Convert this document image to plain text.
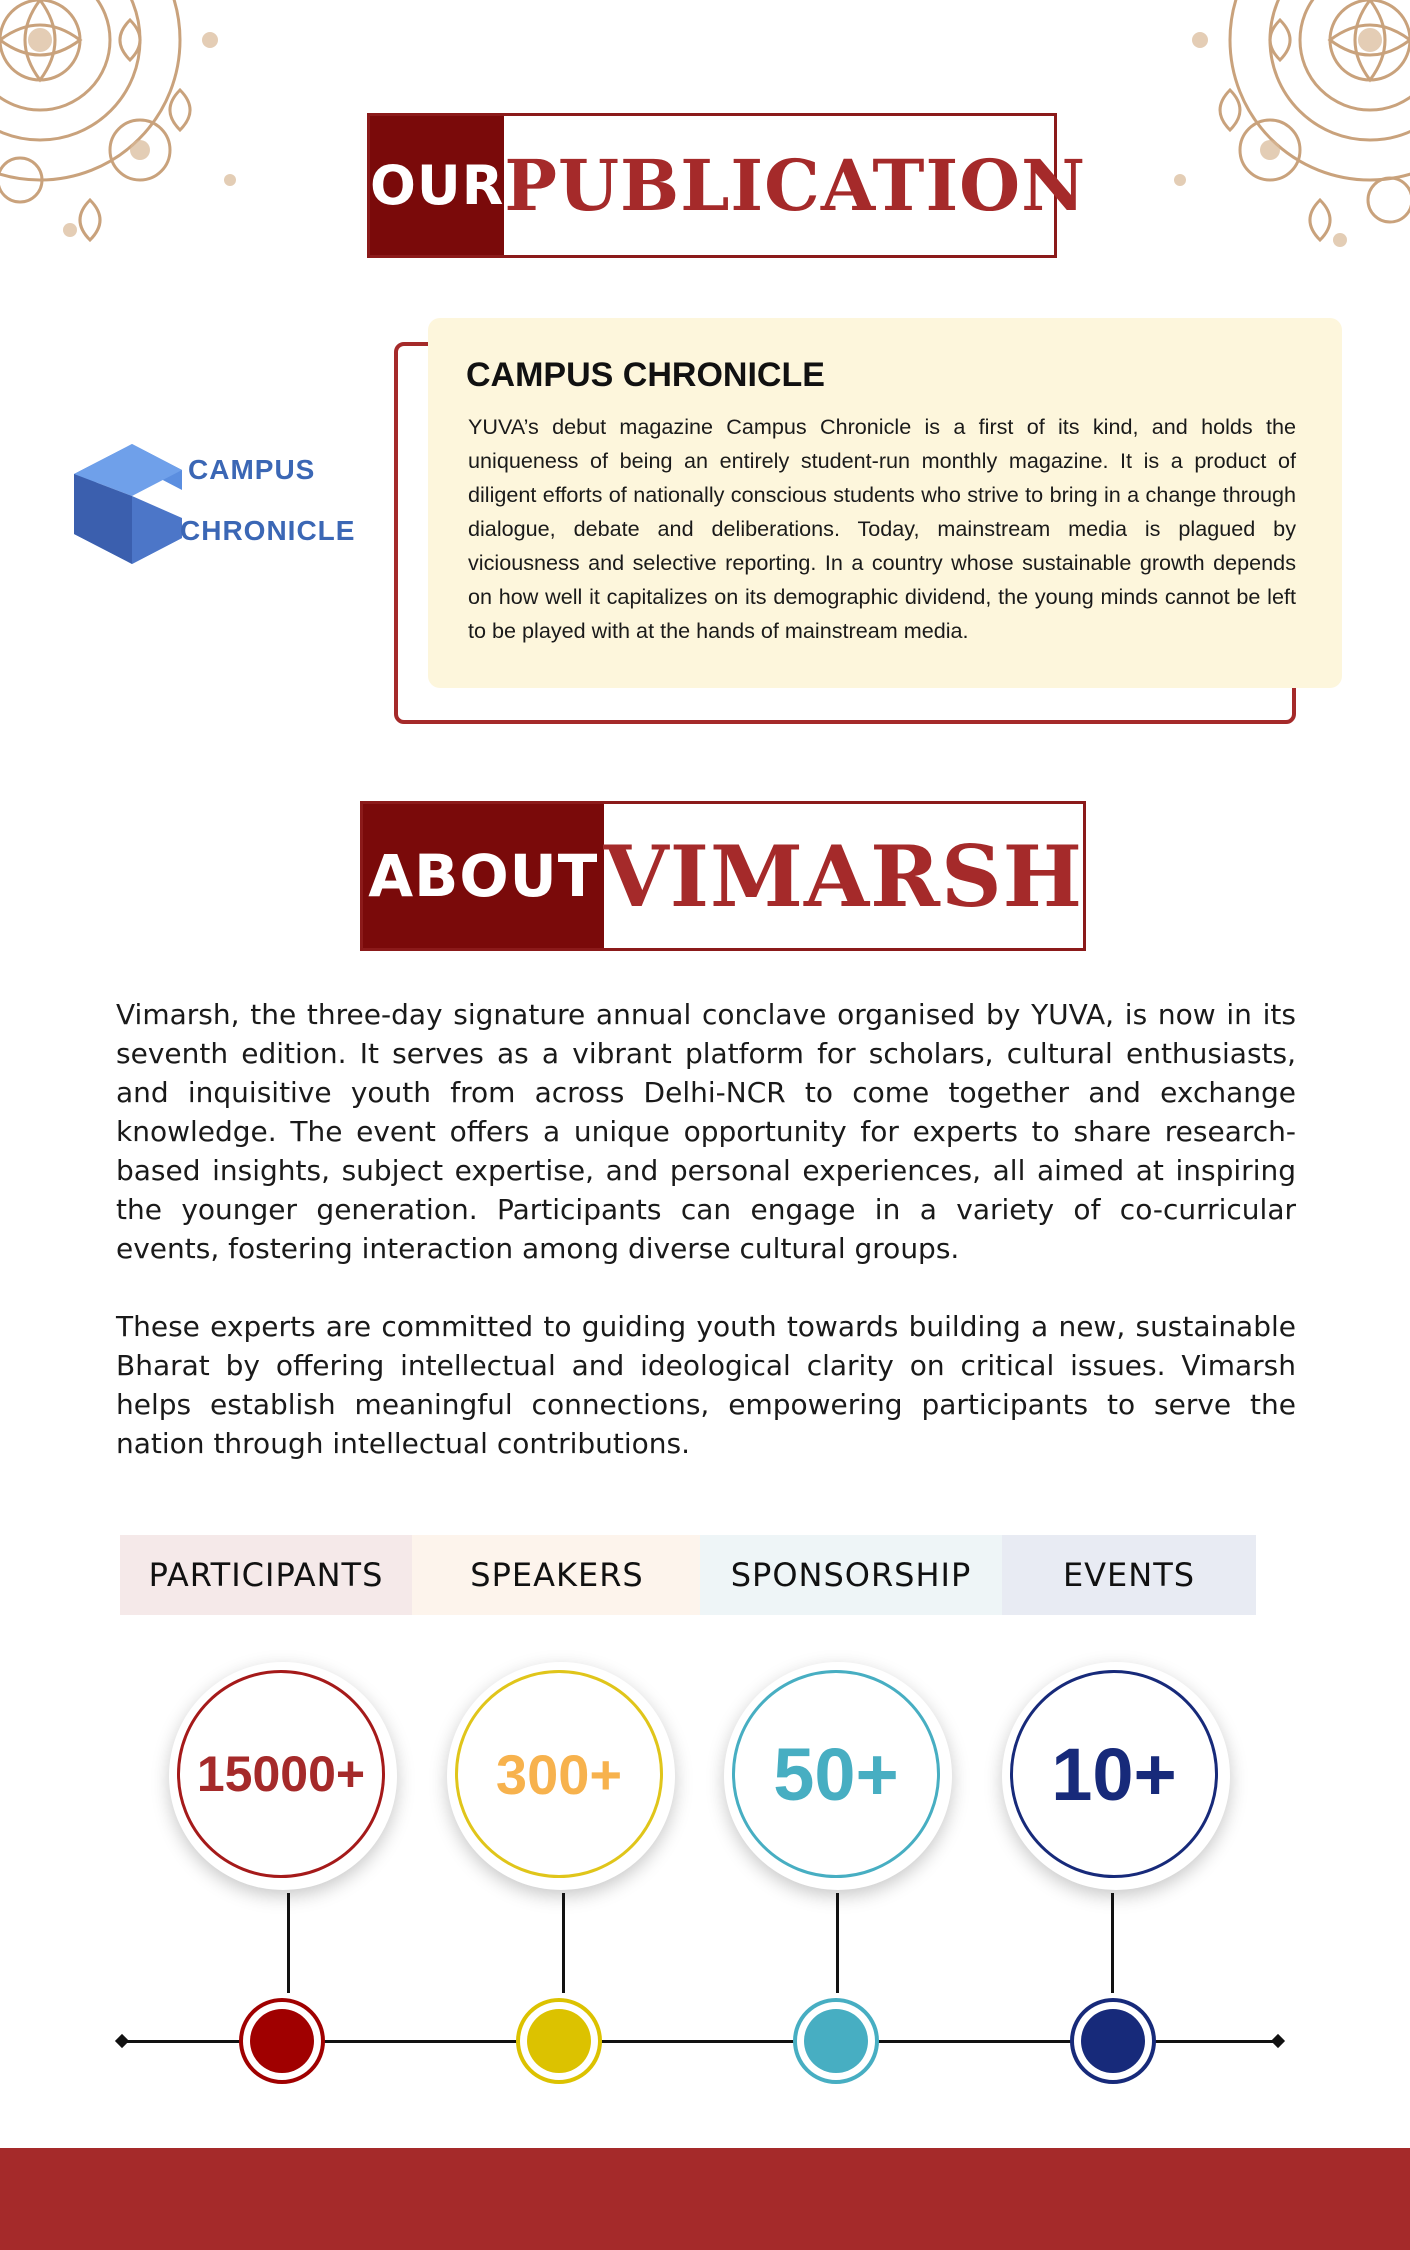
OUR PUBLICATION
CAMPUS
CHRONICLE
CAMPUS CHRONICLE
YUVA’s debut magazine Campus Chronicle is a first of its kind, and holds the uniqueness of being an entirely student-run monthly magazine. It is a product of diligent efforts of nationally conscious students who strive to bring in a change through dialogue, debate and deliberations. Today, mainstream media is plagued by viciousness and selective reporting. In a country whose sustainable growth depends on how well it capitalizes on its demographic dividend, the young minds cannot be left to be played with at the hands of mainstream media.
ABOUT VIMARSH
Vimarsh, the three-day signature annual conclave organised by YUVA, is now in its seventh edition. It serves as a vibrant platform for scholars, cultural enthusiasts, and inquisitive youth from across Delhi-NCR to come together and exchange knowledge. The event offers a unique opportunity for experts to share research-based insights, subject expertise, and personal experiences, all aimed at inspiring the younger generation. Participants can engage in a variety of co-curricular events, fostering interaction among diverse cultural groups.
These experts are committed to guiding youth towards building a new, sustainable Bharat by offering intellectual and ideological clarity on critical issues. Vimarsh helps establish meaningful connections, empowering participants to serve the nation through intellectual contributions.
PARTICIPANTS	SPEAKERS	SPONSORSHIP	EVENTS
15000+	300+	50+	10+
